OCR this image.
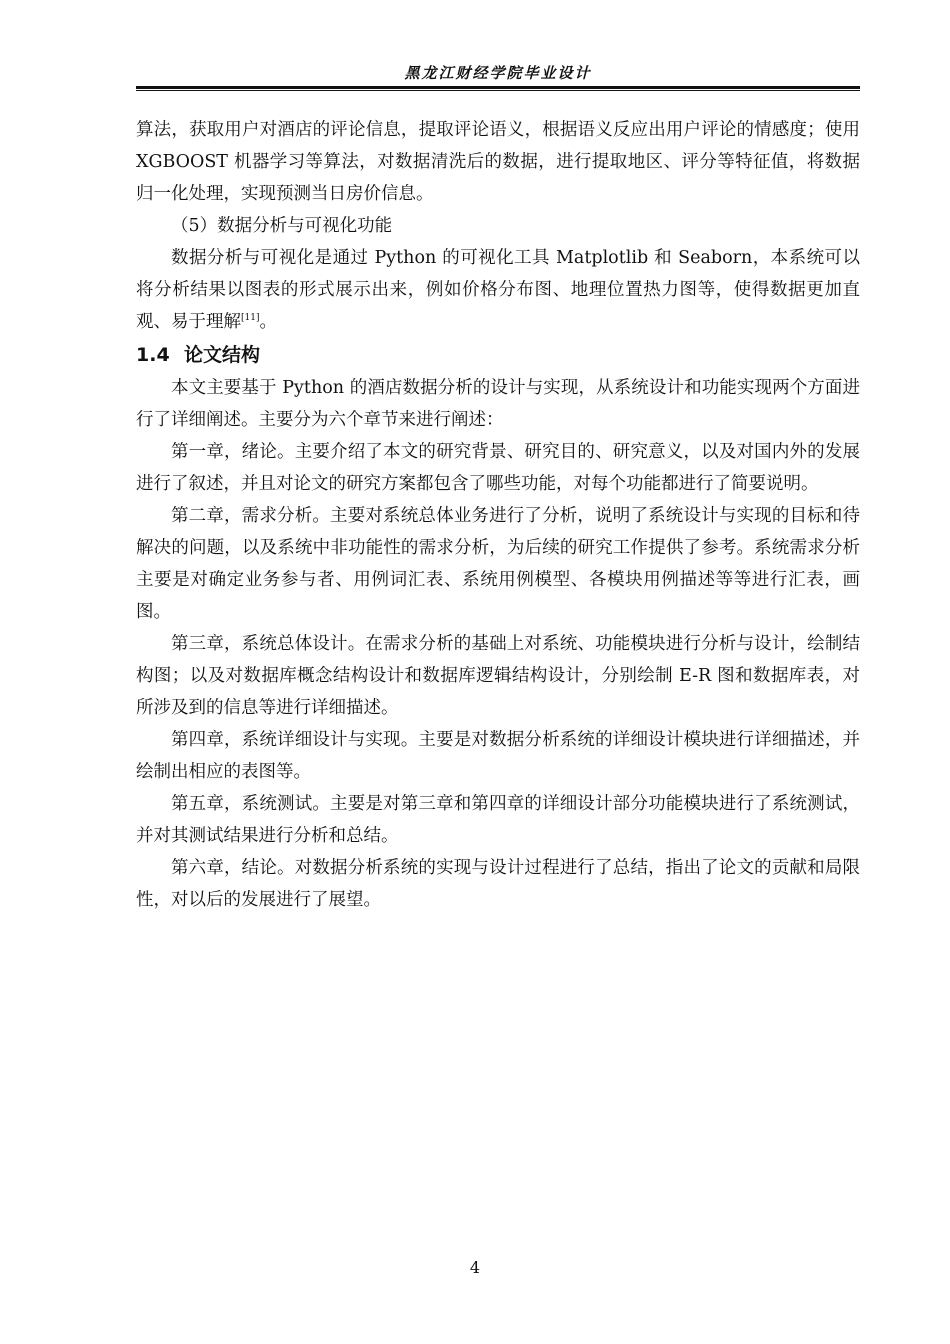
黑龙江财经学院毕业设计

算法，获取用户对酒店的评论信息，提取评论语义，根据语义反应出用户评论的情感度；使用 XGBOOST 机器学习等算法，对数据清洗后的数据，进行提取地区、评分等特征值，将数据归一化处理，实现预测当日房价信息。

（5）数据分析与可视化功能

数据分析与可视化是通过 Python 的可视化工具 Matplotlib 和 Seaborn，本系统可以将分析结果以图表的形式展示出来，例如价格分布图、地理位置热力图等，使得数据更加直观、易于理解[11]。

1.4 论文结构

本文主要基于 Python 的酒店数据分析的设计与实现，从系统设计和功能实现两个方面进行了详细阐述。主要分为六个章节来进行阐述：

第一章，绪论。主要介绍了本文的研究背景、研究目的、研究意义，以及对国内外的发展进行了叙述，并且对论文的研究方案都包含了哪些功能，对每个功能都进行了简要说明。

第二章，需求分析。主要对系统总体业务进行了分析，说明了系统设计与实现的目标和待解决的问题，以及系统中非功能性的需求分析，为后续的研究工作提供了参考。系统需求分析主要是对确定业务参与者、用例词汇表、系统用例模型、各模块用例描述等等进行汇表，画图。

第三章，系统总体设计。在需求分析的基础上对系统、功能模块进行分析与设计，绘制结构图；以及对数据库概念结构设计和数据库逻辑结构设计，分别绘制 E-R 图和数据库表，对所涉及到的信息等进行详细描述。

第四章，系统详细设计与实现。主要是对数据分析系统的详细设计模块进行详细描述，并绘制出相应的表图等。

第五章，系统测试。主要是对第三章和第四章的详细设计部分功能模块进行了系统测试，并对其测试结果进行分析和总结。

第六章，结论。对数据分析系统的实现与设计过程进行了总结，指出了论文的贡献和局限性，对以后的发展进行了展望。

4
